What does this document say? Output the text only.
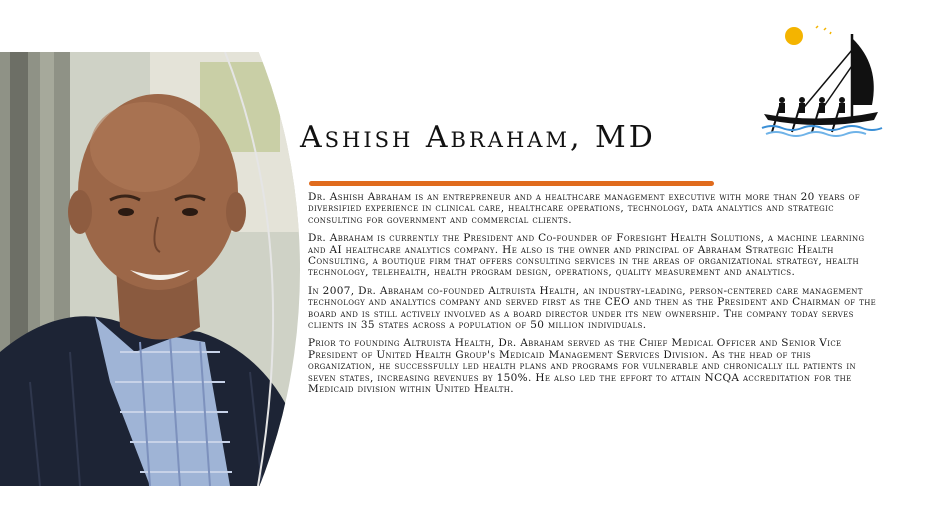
Ashish Abraham, MD

Dr. Ashish Abraham is an entrepreneur and a healthcare management executive with more than 20 years of diversified experience in clinical care, healthcare operations, technology, data analytics and strategic consulting for government and commercial clients.

Dr. Abraham is currently the President and Co-founder of Foresight Health Solutions, a machine learning and AI healthcare analytics company. He also is the owner and principal of Abraham Strategic Health Consulting, a boutique firm that offers consulting services in the areas of organizational strategy, health technology, telehealth, health program design, operations, quality measurement and analytics.

In 2007, Dr. Abraham co-founded Altruista Health, an industry-leading, person-centered care management technology and analytics company and served first as the CEO and then as the President and Chairman of the board and is still actively involved as a board director under its new ownership. The company today serves clients in 35 states across a population of 50 million individuals.

Prior to founding Altruista Health, Dr. Abraham served as the Chief Medical Officer and Senior Vice President of United Health Group's Medicaid Management Services Division. As the head of this organization, he successfully led health plans and programs for vulnerable and chronically ill patients in seven states, increasing revenues by 150%. He also led the effort to attain NCQA accreditation for the Medicaid division within United Health.
